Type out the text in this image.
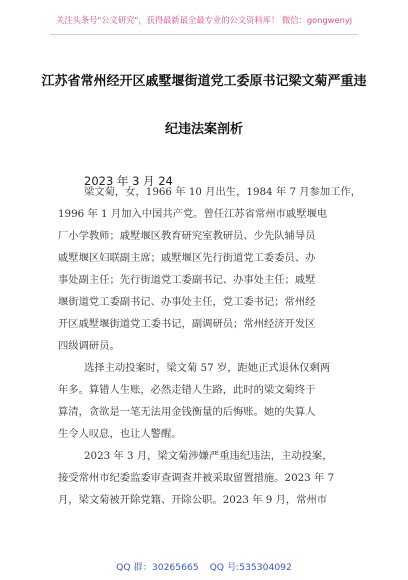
关注头条号"公文研究"，获得最新最全最专业的公文资料库！ 微信：gongwenyj
江苏省常州经开区戚墅堰街道党工委原书记梁文菊严重违
纪违法案剖析
2023 年 3 月 24
梁文菊，女，1966 年 10 月出生，1984 年 7 月参加工作，
1996 年 1 月加入中国共产党。曾任江苏省常州市戚墅堰电
厂小学教师；戚墅堰区教育研究室教研员、少先队辅导员
戚墅堰区妇联副主席；戚墅堰区先行街道党工委委员、办
事处副主任；先行街道党工委副书记、办事处主任；戚墅
堰街道党工委副书记、办事处主任，党工委书记；常州经
开区戚墅堰街道党工委书记，副调研员；常州经济开发区
四级调研员。
选择主动投案时，梁文菊 57 岁，距她正式退休仅剩两
年多。算错人生账，必然走错人生路，此时的梁文菊终于
算清，贪欲是一笔无法用金钱衡量的后悔账。她的失算人
生令人叹息，也让人警醒。
2023 年 3 月，梁文菊涉嫌严重违纪违法，主动投案，
接受常州市纪委监委审查调查并被采取留置措施。2023 年 7
月，梁文菊被开除党籍、开除公职。2023 年 9 月，常州市
QQ 群：30265665 QQ 号:535304092
